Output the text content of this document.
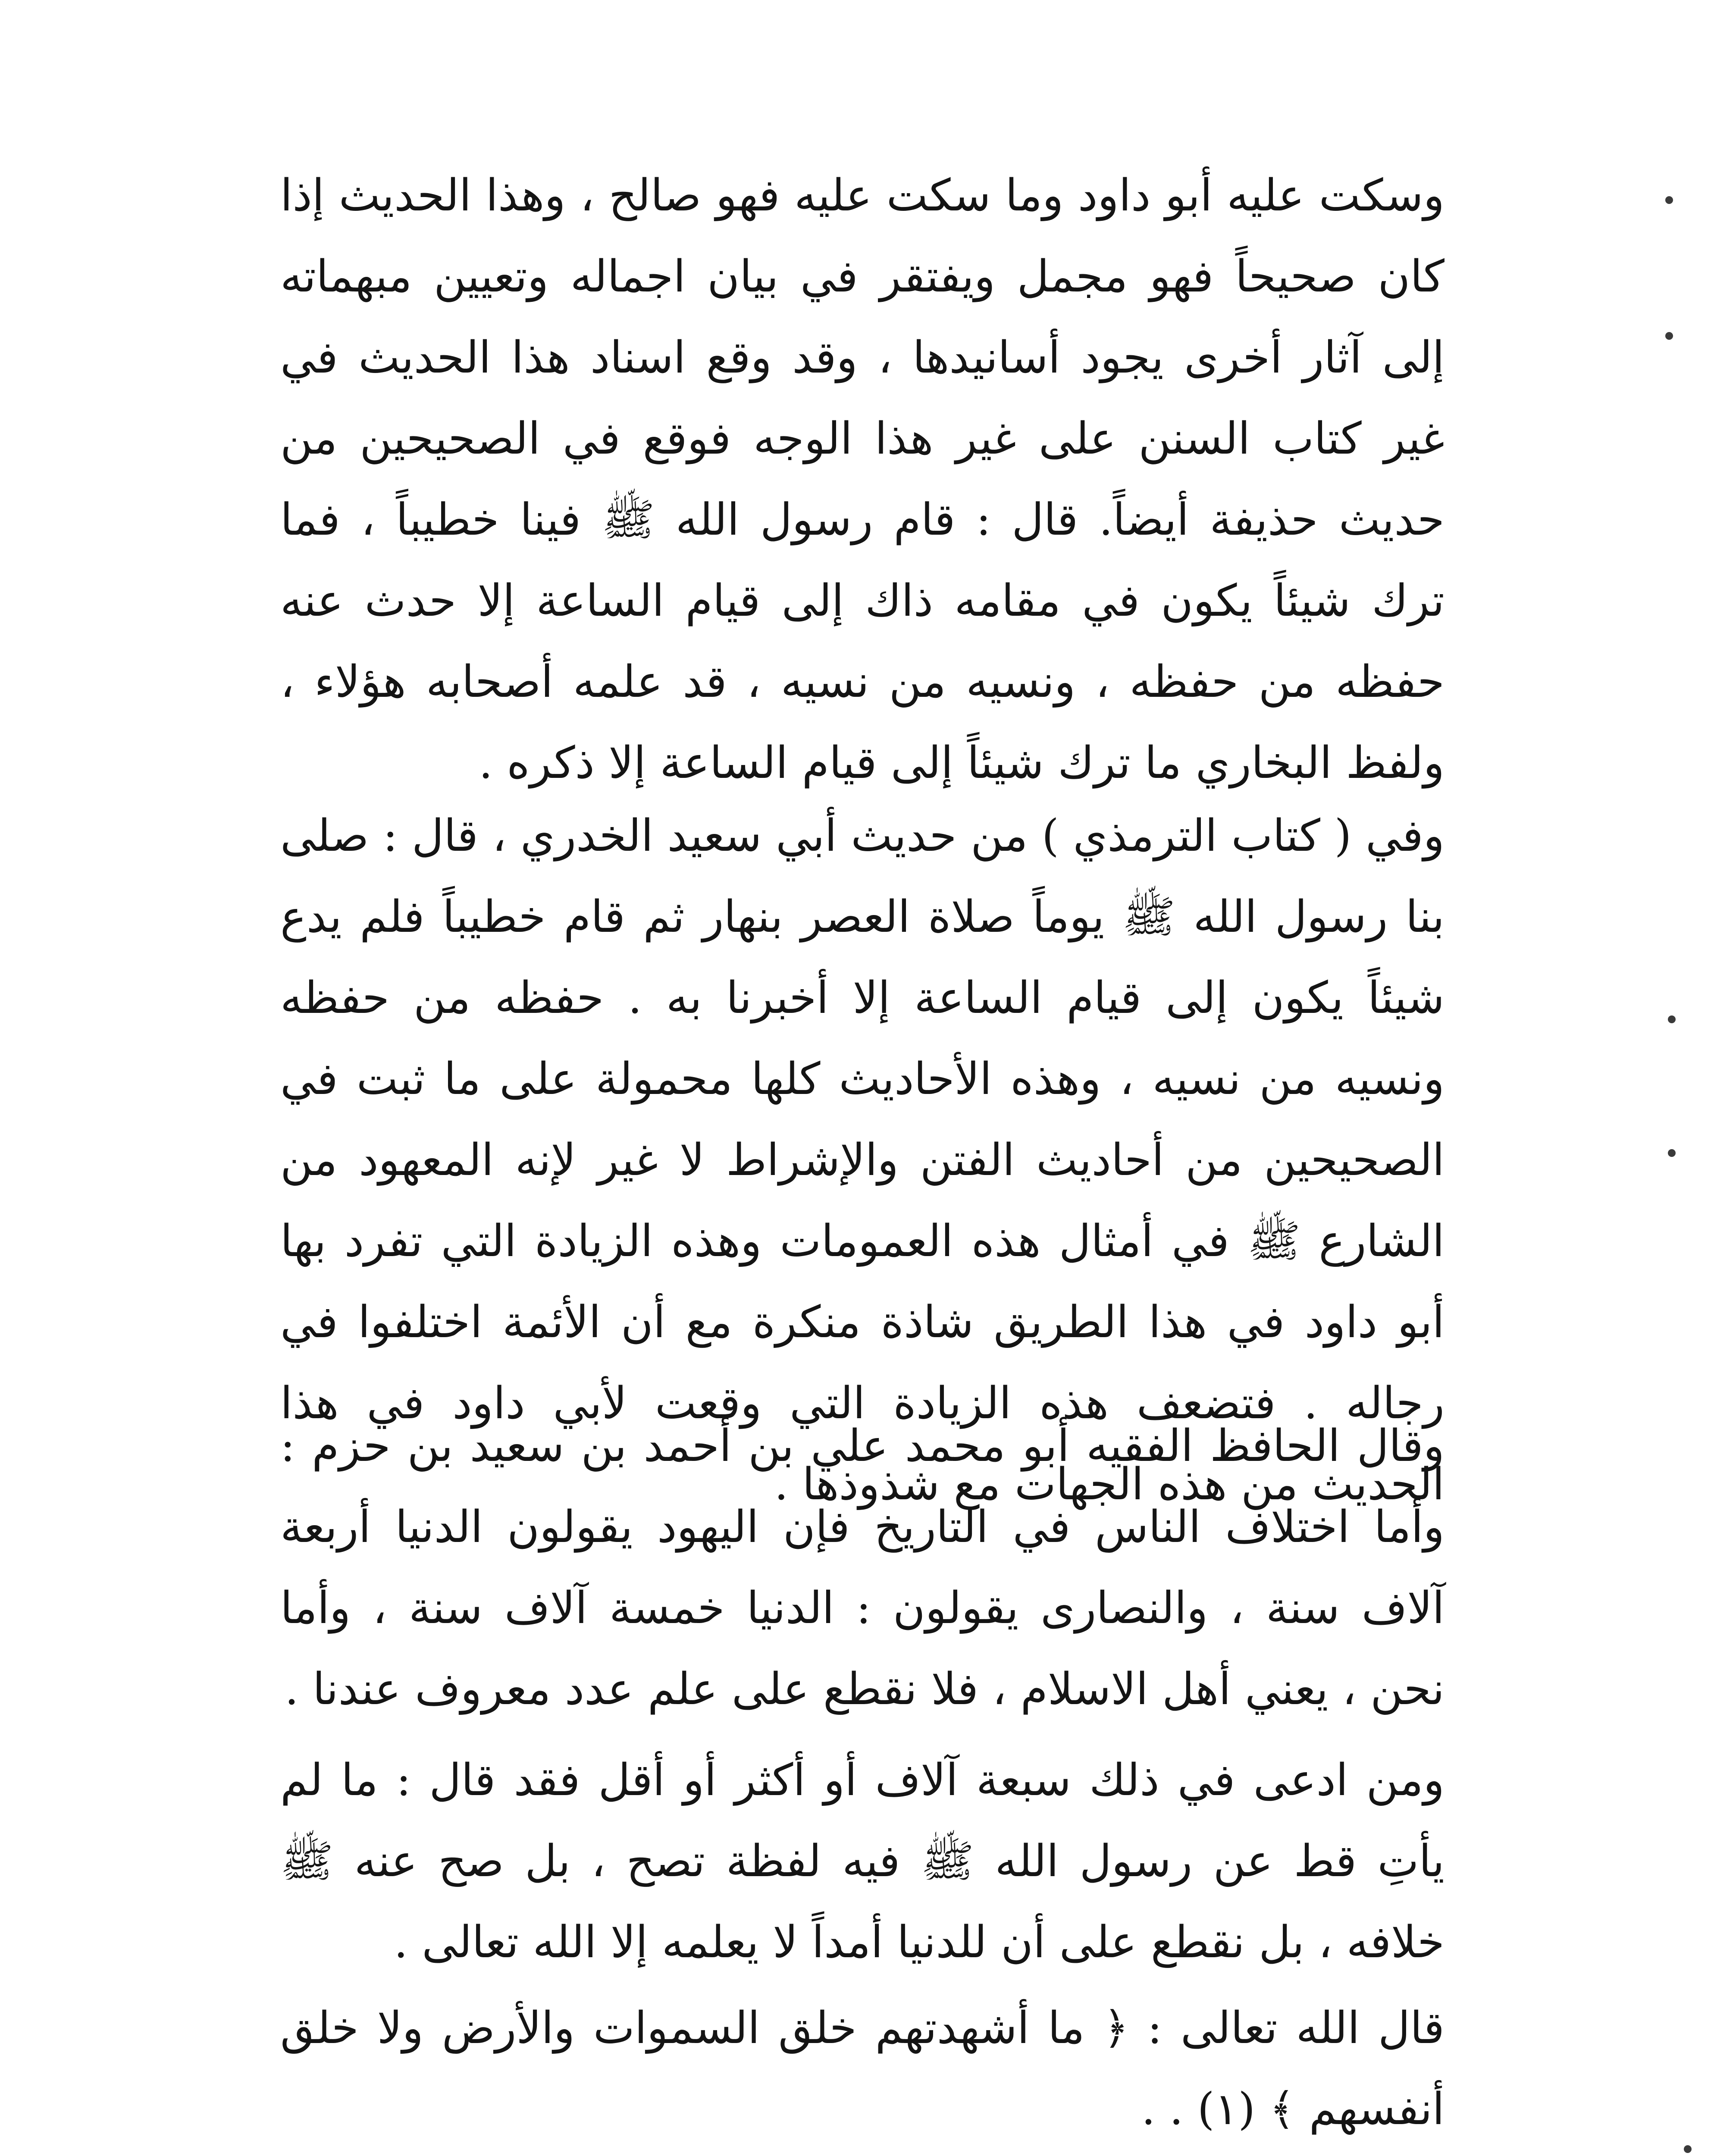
وسكت عليه أبو داود وما سكت عليه فهو صالح ، وهذا الحديث إذا كان صحيحاً فهو مجمل ويفتقر في بيان اجماله وتعيين مبهماته إلى آثار أخرى يجود أسانيدها ، وقد وقع اسناد هذا الحديث في غير كتاب السنن على غير هذا الوجه فوقع في الصحيحين من حديث حذيفة أيضاً. قال : قام رسول الله ﷺ فينا خطيباً ، فما ترك شيئاً يكون في مقامه ذاك إلى قيام الساعة إلا حدث عنه حفظه من حفظه ، ونسيه من نسيه ، قد علمه أصحابه هؤلاء ، ولفظ البخاري ما ترك شيئاً إلى قيام الساعة إلا ذكره .

وفي ( كتاب الترمذي ) من حديث أبي سعيد الخدري ، قال : صلى بنا رسول الله ﷺ يوماً صلاة العصر بنهار ثم قام خطيباً فلم يدع شيئاً يكون إلى قيام الساعة إلا أخبرنا به . حفظه من حفظه ونسيه من نسيه ، وهذه الأحاديث كلها محمولة على ما ثبت في الصحيحين من أحاديث الفتن والإشراط لا غير لإنه المعهود من الشارع ﷺ في أمثال هذه العمومات وهذه الزيادة التي تفرد بها أبو داود في هذا الطريق شاذة منكرة مع أن الأئمة اختلفوا في رجاله . فتضعف هذه الزيادة التي وقعت لأبي داود في هذا الحديث من هذه الجهات مع شذوذها .

وقال الحافظ الفقيه أبو محمد علي بن أحمد بن سعيد بن حزم : وأما اختلاف الناس في التاريخ فإن اليهود يقولون الدنيا أربعة آلاف سنة ، والنصارى يقولون : الدنيا خمسة آلاف سنة ، وأما نحن ، يعني أهل الاسلام ، فلا نقطع على علم عدد معروف عندنا .

ومن ادعى في ذلك سبعة آلاف أو أكثر أو أقل فقد قال : ما لم يأتِ قط عن رسول الله ﷺ فيه لفظة تصح ، بل صح عنه ﷺ خلافه ، بل نقطع على أن للدنيا أمداً لا يعلمه إلا الله تعالى .

قال الله تعالى : ﴿ ما أشهدتهم خلق السموات والأرض ولا خلق أنفسهم ﴾ (١) . .
